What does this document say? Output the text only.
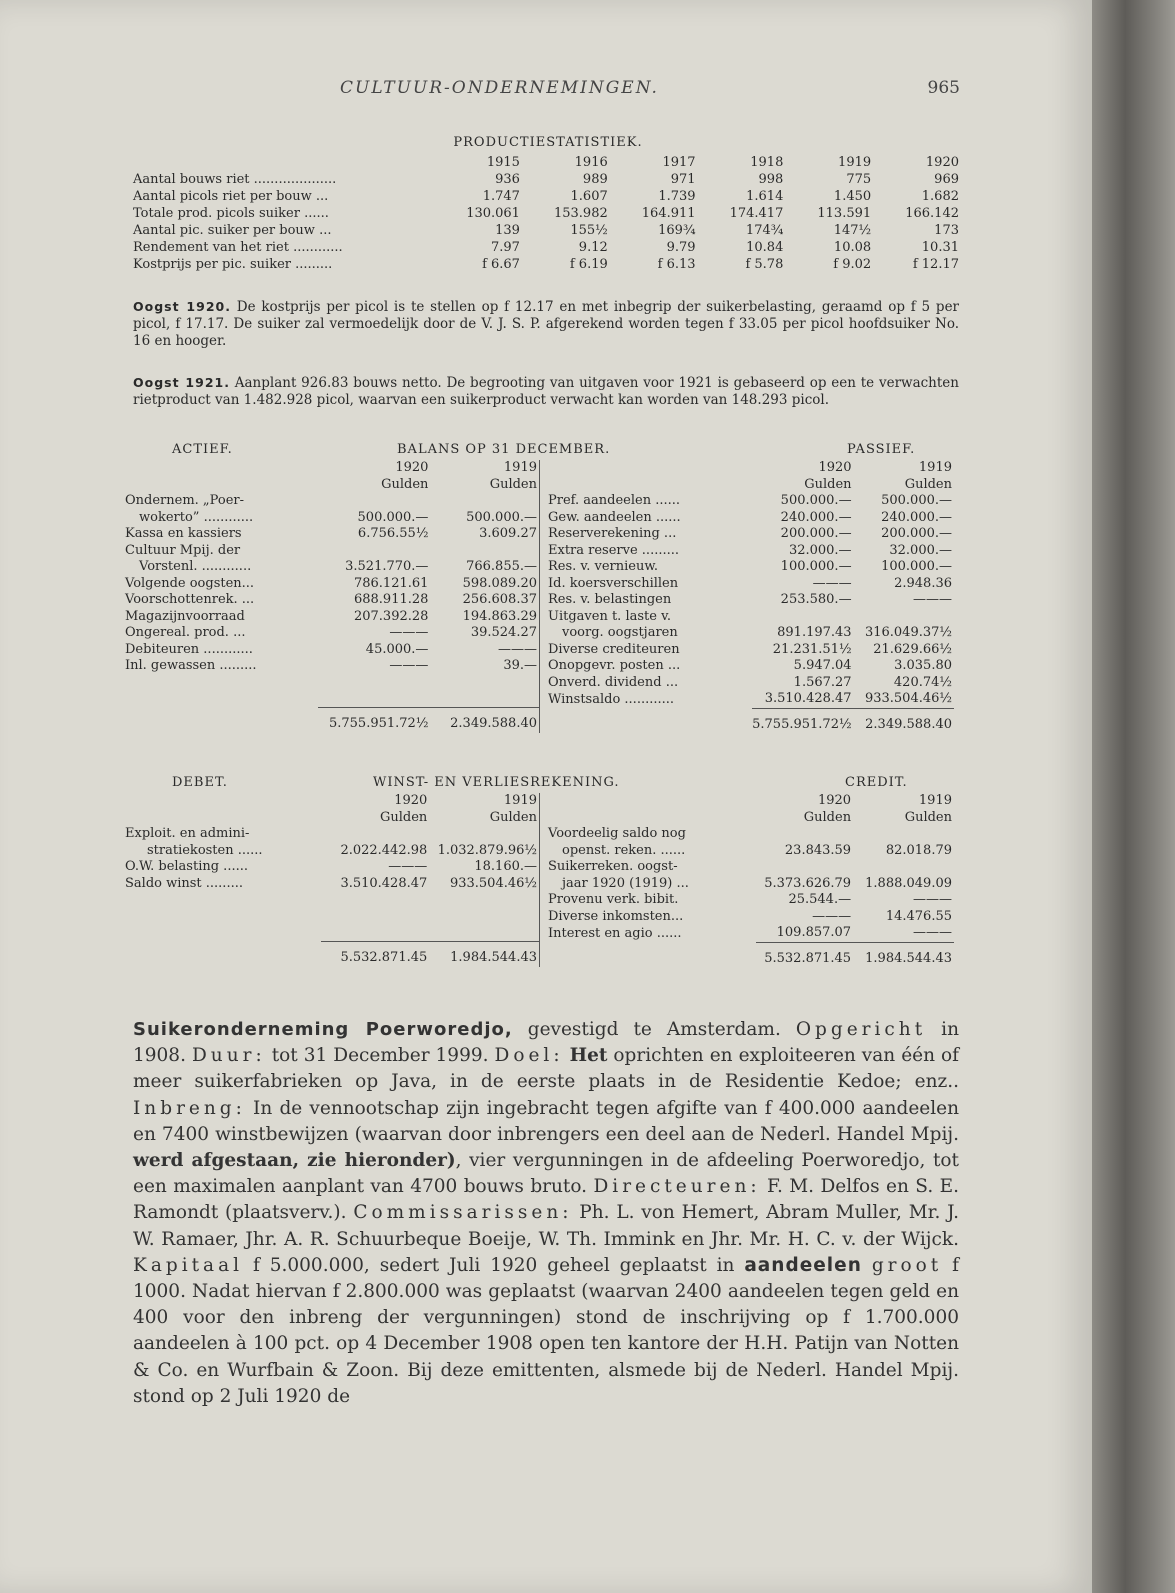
CULTUUR-ONDERNEMINGEN.	965
PRODUCTIESTATISTIEK.
	1915	1916	1917	1918	1919	1920
Aantal bouws riet ....................	936	989	971	998	775	969
Aantal picols riet per bouw ...	1.747	1.607	1.739	1.614	1.450	1.682
Totale prod. picols suiker ......	130.061	153.982	164.911	174.417	113.591	166.142
Aantal pic. suiker per bouw ...	139	155½	169¾	174¾	147½	173
Rendement van het riet ............	7.97	9.12	9.79	10.84	10.08	10.31
Kostprijs per pic. suiker .........	f 6.67	f 6.19	f 6.13	f 5.78	f 9.02	f 12.17
Oogst 1920. De kostprijs per picol is te stellen op f 12.17 en met inbegrip der suikerbelasting, geraamd op f 5 per picol, f 17.17. De suiker zal vermoedelijk door de V. J. S. P. afgerekend worden tegen f 33.05 per picol hoofdsuiker No. 16 en hooger.
Oogst 1921. Aanplant 926.83 bouws netto. De begrooting van uitgaven voor 1921 is gebaseerd op een te verwachten rietproduct van 1.482.928 picol, waarvan een suikerproduct verwacht kan worden van 148.293 picol.
ACTIEF.	BALANS OP 31 DECEMBER.	PASSIEF.
	1920	1919
	Gulden	Gulden
Ondernem. „Poer-		
wokerto” ............	500.000.—	500.000.—
Kassa en kassiers	6.756.55½	3.609.27
Cultuur Mpij. der		
Vorstenl. ............	3.521.770.—	766.855.—
Volgende oogsten...	786.121.61	598.089.20
Voorschottenrek. ...	688.911.28	256.608.37
Magazijnvoorraad	207.392.28	194.863.29
Ongereal. prod. ...	———	39.524.27
Debiteuren ............	45.000.—	———
Inl. gewassen .........	———	39.—

	5.755.951.72½	2.349.588.40
	1920	1919
	Gulden	Gulden
Pref. aandeelen ......	500.000.—	500.000.—
Gew. aandeelen ......	240.000.—	240.000.—
Reserverekening ...	200.000.—	200.000.—
Extra reserve .........	32.000.—	32.000.—
Res. v. vernieuw.	100.000.—	100.000.—
Id. koersverschillen	———	2.948.36
Res. v. belastingen	253.580.—	———
Uitgaven t. laste v.		
voorg. oogstjaren	891.197.43	316.049.37½
Diverse crediteuren	21.231.51½	21.629.66½
Onopgevr. posten ...	5.947.04	3.035.80
Onverd. dividend ...	1.567.27	420.74½
Winstsaldo ............	3.510.428.47	933.504.46½
	5.755.951.72½	2.349.588.40
DEBET.	WINST- EN VERLIESREKENING.	CREDIT.
	1920	1919
	Gulden	Gulden
Exploit. en admini-		
stratiekosten ......	2.022.442.98	1.032.879.96½
O.W. belasting ......	———	18.160.—
Saldo winst .........	3.510.428.47	933.504.46½

	5.532.871.45	1.984.544.43
	1920	1919
	Gulden	Gulden
Voordeelig saldo nog		
openst. reken. ......	23.843.59	82.018.79
Suikerreken. oogst-		
jaar 1920 (1919) ...	5.373.626.79	1.888.049.09
Provenu verk. bibit.	25.544.—	———
Diverse inkomsten...	———	14.476.55
Interest en agio ......	109.857.07	———
	5.532.871.45	1.984.544.43

Suikeronderneming Poerworedjo, gevestigd te Amsterdam. Opgericht in 1908. Duur: tot 31 December 1999. Doel: Het oprichten en exploiteeren van één of meer suikerfabrieken op Java, in de eerste plaats in de Residentie Kedoe; enz.. Inbreng: In de vennootschap zijn ingebracht tegen afgifte van f 400.000 aandeelen en 7400 winstbewijzen (waarvan door inbrengers een deel aan de Nederl. Handel Mpij. werd afgestaan, zie hieronder), vier vergunningen in de afdeeling Poerworedjo, tot een maximalen aanplant van 4700 bouws bruto. Directeuren: F. M. Delfos en S. E. Ramondt (plaatsverv.). Commissarissen: Ph. L. von Hemert, Abram Muller, Mr. J. W. Ramaer, Jhr. A. R. Schuurbeque Boeije, W. Th. Immink en Jhr. Mr. H. C. v. der Wijck. Kapitaal f 5.000.000, sedert Juli 1920 geheel geplaatst in aandeelen groot f 1000. Nadat hiervan f 2.800.000 was geplaatst (waarvan 2400 aandeelen tegen geld en 400 voor den inbreng der vergunningen) stond de inschrijving op f 1.700.000 aandeelen à 100 pct. op 4 December 1908 open ten kantore der H.H. Patijn van Notten & Co. en Wurfbain & Zoon. Bij deze emittenten, alsmede bij de Nederl. Handel Mpij. stond op 2 Juli 1920 de
